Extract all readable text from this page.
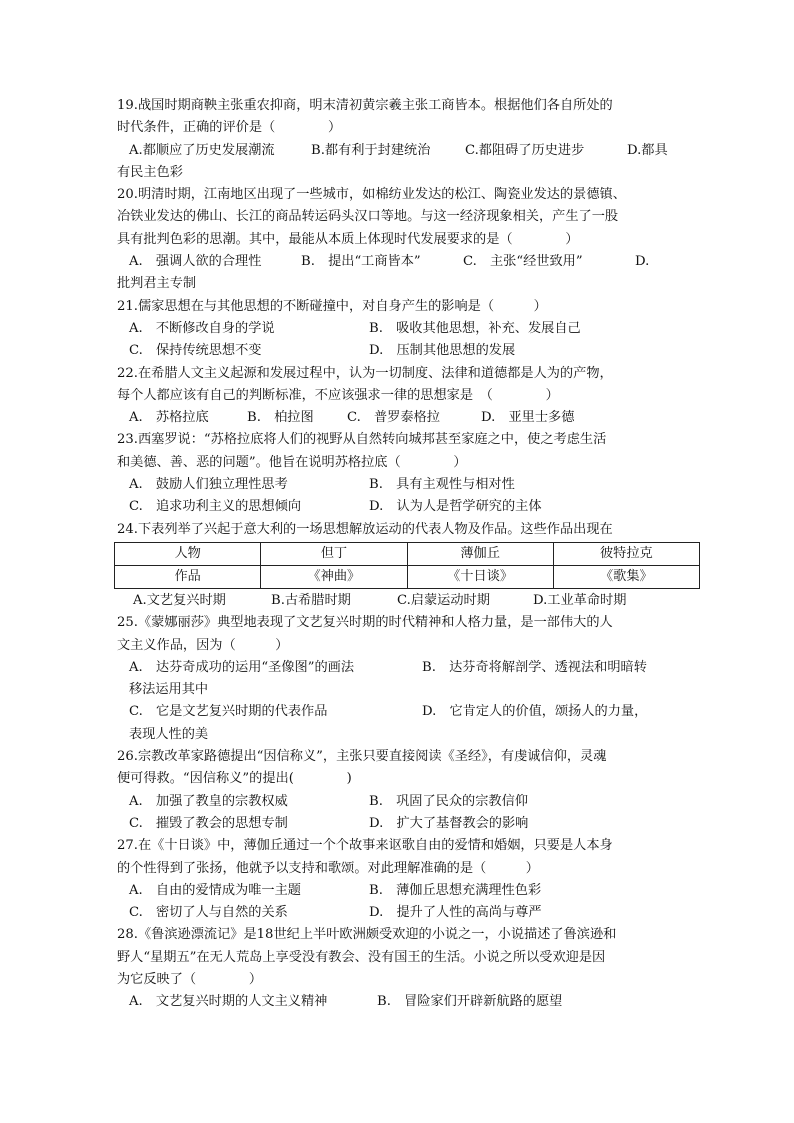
19.战国时期商鞅主张重农抑商，明末清初黄宗羲主张工商皆本。根据他们各自所处的
时代条件，正确的评价是（　　　　）
A.都顺应了历史发展潮流	B.都有利于封建统治	C.都阻碍了历史进步	D.都具
有民主色彩
20.明清时期，江南地区出现了一些城市，如棉纺业发达的松江、陶瓷业发达的景德镇、
冶铁业发达的佛山、长江的商品转运码头汉口等地。与这一经济现象相关，产生了一股
具有批判色彩的思潮。其中，最能从本质上体现时代发展要求的是（　　　　）
A.　强调人欲的合理性	B.　提出“工商皆本”	C.　主张“经世致用”	D.
批判君主专制
21.儒家思想在与其他思想的不断碰撞中，对自身产生的影响是（　　　）
A.　不断修改自身的学说	B.　吸收其他思想，补充、发展自己
C.　保持传统思想不变	D.　压制其他思想的发展
22.在希腊人文主义起源和发展过程中，认为一切制度、法律和道德都是人为的产物，
每个人都应该有自己的判断标准，不应该强求一律的思想家是　（　　　　）
A.　苏格拉底	B.　柏拉图	C.　普罗泰格拉	D.　亚里士多德
23.西塞罗说：“苏格拉底将人们的视野从自然转向城邦甚至家庭之中，使之考虑生活
和美德、善、恶的问题”。他旨在说明苏格拉底（　　　　）
A.　鼓励人们独立理性思考	B.　具有主观性与相对性
C.　追求功利主义的思想倾向	D.　认为人是哲学研究的主体
24.下表列举了兴起于意大利的一场思想解放运动的代表人物及作品。这些作品出现在
人物	但丁	薄伽丘	彼特拉克
作品	《神曲》	《十日谈》	《歌集》
A.文艺复兴时期	B.古希腊时期	C.启蒙运动时期	D.工业革命时期
25.《蒙娜丽莎》典型地表现了文艺复兴时期的时代精神和人格力量，是一部伟大的人
文主义作品，因为（　　　）
A.　达芬奇成功的运用“圣像图”的画法	B.　达芬奇将解剖学、透视法和明暗转
移法运用其中
C.　它是文艺复兴时期的代表作品	D.　它肯定人的价值，颂扬人的力量，
表现人性的美
26.宗教改革家路德提出“因信称义”，主张只要直接阅读《圣经》，有虔诚信仰，灵魂
便可得救。“因信称义”的提出(　　　　)
A.　加强了教皇的宗教权威	B.　巩固了民众的宗教信仰
C.　摧毁了教会的思想专制	D.　扩大了基督教会的影响
27.在《十日谈》中，薄伽丘通过一个个故事来讴歌自由的爱情和婚姻，只要是人本身
的个性得到了张扬，他就予以支持和歌颂。对此理解准确的是（　　　）
A.　自由的爱情成为唯一主题	B.　薄伽丘思想充满理性色彩
C.　密切了人与自然的关系	D.　提升了人性的高尚与尊严
28.《鲁滨逊漂流记》是18世纪上半叶欧洲颇受欢迎的小说之一，小说描述了鲁滨逊和
野人“星期五”在无人荒岛上享受没有教会、没有国王的生活。小说之所以受欢迎是因
为它反映了（　　　　）
A.　文艺复兴时期的人文主义精神	B.　冒险家们开辟新航路的愿望
